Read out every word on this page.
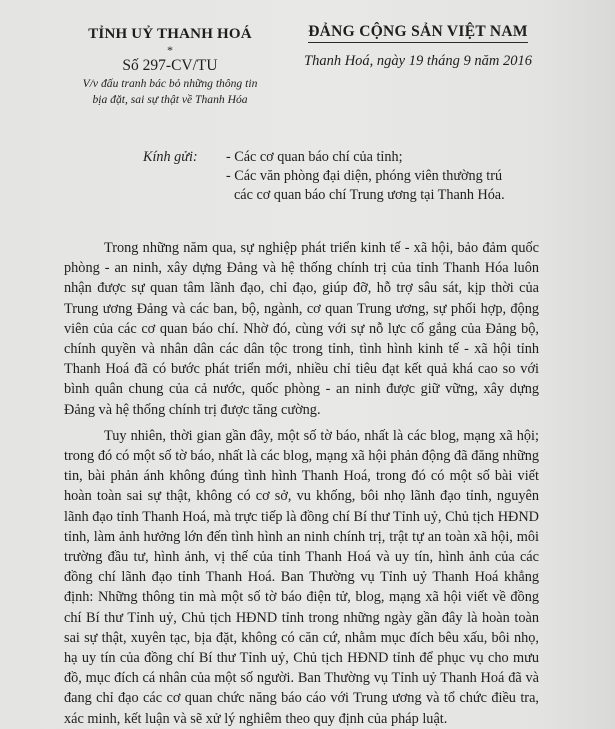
TỈNH UỶ THANH HOÁ
*
Số 297-CV/TU
V/v đấu tranh bác bỏ những thông tin
bịa đặt, sai sự thật về Thanh Hóa
ĐẢNG CỘNG SẢN VIỆT NAM
Thanh Hoá, ngày 19 tháng 9 năm 2016
Kính gửi:	- Các cơ quan báo chí của tỉnh;
- Các văn phòng đại diện, phóng viên thường trú
các cơ quan báo chí Trung ương tại Thanh Hóa.

Trong những năm qua, sự nghiệp phát triển kinh tế - xã hội, bảo đảm quốc phòng - an ninh, xây dựng Đảng và hệ thống chính trị của tỉnh Thanh Hóa luôn nhận được sự quan tâm lãnh đạo, chỉ đạo, giúp đỡ, hỗ trợ sâu sát, kịp thời của Trung ương Đảng và các ban, bộ, ngành, cơ quan Trung ương, sự phối hợp, động viên của các cơ quan báo chí. Nhờ đó, cùng với sự nỗ lực cố gắng của Đảng bộ, chính quyền và nhân dân các dân tộc trong tỉnh, tình hình kinh tế - xã hội tỉnh Thanh Hoá đã có bước phát triển mới, nhiều chỉ tiêu đạt kết quả khá cao so với bình quân chung của cả nước, quốc phòng - an ninh được giữ vững, xây dựng Đảng và hệ thống chính trị được tăng cường.

Tuy nhiên, thời gian gần đây, một số tờ báo, nhất là các blog, mạng xã hội; trong đó có một số tờ báo, nhất là các blog, mạng xã hội phản động đã đăng những tin, bài phản ánh không đúng tình hình Thanh Hoá, trong đó có một số bài viết hoàn toàn sai sự thật, không có cơ sở, vu khống, bôi nhọ lãnh đạo tỉnh, nguyên lãnh đạo tỉnh Thanh Hoá, mà trực tiếp là đồng chí Bí thư Tỉnh uỷ, Chủ tịch HĐND tỉnh, làm ảnh hưởng lớn đến tình hình an ninh chính trị, trật tự an toàn xã hội, môi trường đầu tư, hình ảnh, vị thế của tỉnh Thanh Hoá và uy tín, hình ảnh của các đồng chí lãnh đạo tỉnh Thanh Hoá. Ban Thường vụ Tỉnh uỷ Thanh Hoá khẳng định: Những thông tin mà một số tờ báo điện tử, blog, mạng xã hội viết về đồng chí Bí thư Tỉnh uỷ, Chủ tịch HĐND tỉnh trong những ngày gần đây là hoàn toàn sai sự thật, xuyên tạc, bịa đặt, không có căn cứ, nhằm mục đích bêu xấu, bôi nhọ, hạ uy tín của đồng chí Bí thư Tỉnh uỷ, Chủ tịch HĐND tỉnh để phục vụ cho mưu đồ, mục đích cá nhân của một số người. Ban Thường vụ Tỉnh uỷ Thanh Hoá đã và đang chỉ đạo các cơ quan chức năng báo cáo với Trung ương và tổ chức điều tra, xác minh, kết luận và sẽ xử lý nghiêm theo quy định của pháp luật.
